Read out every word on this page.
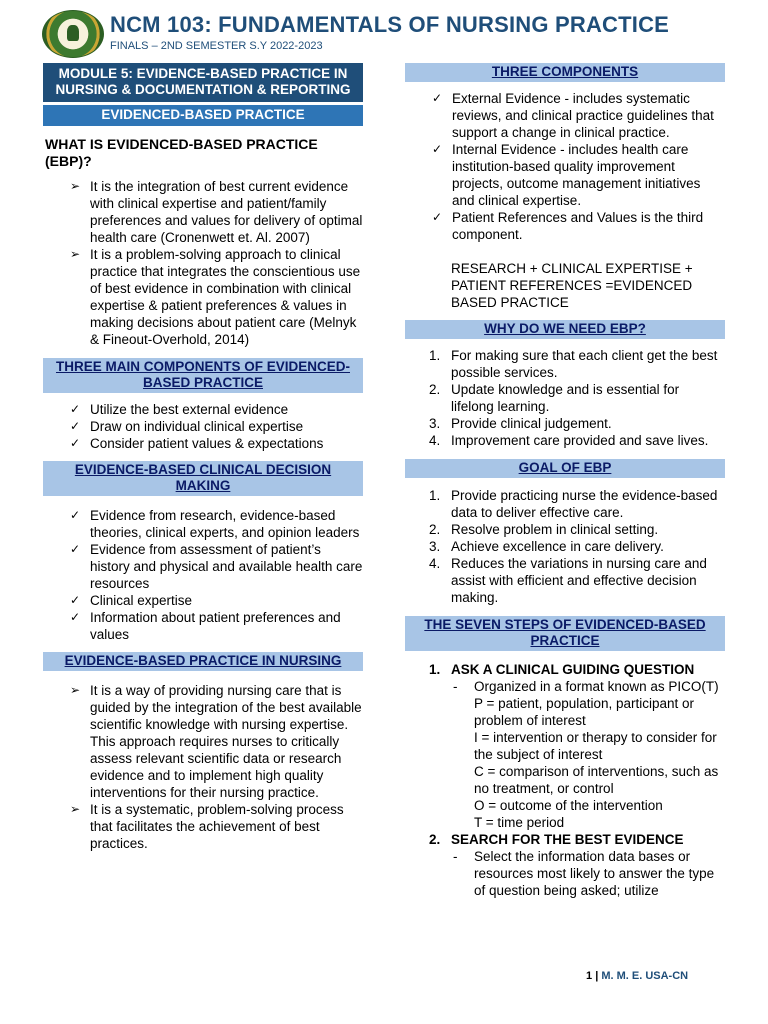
NCM 103: FUNDAMENTALS OF NURSING PRACTICE
FINALS – 2ND SEMESTER S.Y 2022-2023
MODULE 5: EVIDENCE-BASED PRACTICE IN NURSING & DOCUMENTATION & REPORTING
EVIDENCED-BASED PRACTICE
WHAT IS EVIDENCED-BASED PRACTICE (EBP)?
➢ It is the integration of best current evidence with clinical expertise and patient/family preferences and values for delivery of optimal health care (Cronenwett et. Al. 2007)
➢ It is a problem-solving approach to clinical practice that integrates the conscientious use of best evidence in combination with clinical expertise & patient preferences & values in making decisions about patient care (Melnyk & Fineout-Overhold, 2014)
THREE MAIN COMPONENTS OF EVIDENCED-BASED PRACTICE
✓ Utilize the best external evidence
✓ Draw on individual clinical expertise
✓ Consider patient values & expectations
EVIDENCE-BASED CLINICAL DECISION MAKING
✓ Evidence from research, evidence-based theories, clinical experts, and opinion leaders
✓ Evidence from assessment of patient’s history and physical and available health care resources
✓ Clinical expertise
✓ Information about patient preferences and values
EVIDENCE-BASED PRACTICE IN NURSING
➢ It is a way of providing nursing care that is guided by the integration of the best available scientific knowledge with nursing expertise. This approach requires nurses to critically assess relevant scientific data or research evidence and to implement high quality interventions for their nursing practice.
➢ It is a systematic, problem-solving process that facilitates the achievement of best practices.
THREE COMPONENTS
✓ External Evidence - includes systematic reviews, and clinical practice guidelines that support a change in clinical practice.
✓ Internal Evidence - includes health care institution-based quality improvement projects, outcome management initiatives and clinical expertise.
✓ Patient References and Values is the third component.

RESEARCH + CLINICAL EXPERTISE + PATIENT REFERENCES =EVIDENCED BASED PRACTICE

WHY DO WE NEED EBP?
1. For making sure that each client get the best possible services.
2. Update knowledge and is essential for lifelong learning.
3. Provide clinical judgement.
4. Improvement care provided and save lives.
GOAL OF EBP
1. Provide practicing nurse the evidence-based data to deliver effective care.
2. Resolve problem in clinical setting.
3. Achieve excellence in care delivery.
4. Reduces the variations in nursing care and assist with efficient and effective decision making.
THE SEVEN STEPS OF EVIDENCED-BASED PRACTICE
1. ASK A CLINICAL GUIDING QUESTION
- Organized in a format known as PICO(T)
P = patient, population, participant or problem of interest
I = intervention or therapy to consider for the subject of interest
C = comparison of interventions, such as no treatment, or control
O = outcome of the intervention
T = time period
2. SEARCH FOR THE BEST EVIDENCE
- Select the information data bases or resources most likely to answer the type of question being asked; utilize
1 | M. M. E. USA-CN
